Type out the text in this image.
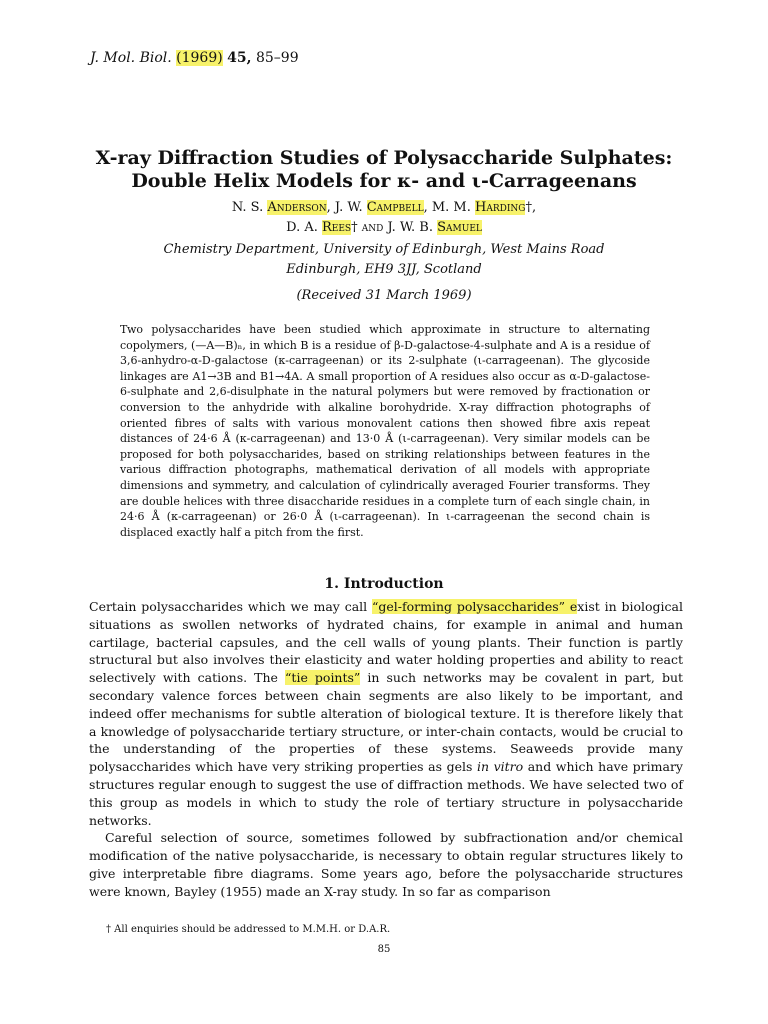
J. Mol. Biol. (1969) 45, 85–99
X-ray Diffraction Studies of Polysaccharide Sulphates:
Double Helix Models for κ- and ι-Carrageenans
N. S. Anderson, J. W. Campbell, M. M. Harding†,
D. A. Rees† and J. W. B. Samuel
Chemistry Department, University of Edinburgh, West Mains Road
Edinburgh, EH9 3JJ, Scotland
(Received 31 March 1969)
Two polysaccharides have been studied which approximate in structure to alternating copolymers, (—A—B)ₙ, in which B is a residue of β-D-galactose-4-sulphate and A is a residue of 3,6-anhydro-α-D-galactose (κ-carrageenan) or its 2-sulphate (ι-carrageenan). The glycoside linkages are A1→3B and B1→4A. A small proportion of A residues also occur as α-D-galactose-6-sulphate and 2,6-disulphate in the natural polymers but were removed by fractionation or conversion to the anhydride with alkaline borohydride. X-ray diffraction photographs of oriented fibres of salts with various monovalent cations then showed fibre axis repeat distances of 24·6 Å (κ-carrageenan) and 13·0 Å (ι-carrageenan). Very similar models can be proposed for both polysaccharides, based on striking relationships between features in the various diffraction photographs, mathematical derivation of all models with appropriate dimensions and symmetry, and calculation of cylindrically averaged Fourier transforms. They are double helices with three disaccharide residues in a complete turn of each single chain, in 24·6 Å (κ-carrageenan) or 26·0 Å (ι-carrageenan). In ι-carrageenan the second chain is displaced exactly half a pitch from the first.
1. Introduction

Certain polysaccharides which we may call “gel-forming polysaccharides” exist in biological situations as swollen networks of hydrated chains, for example in animal and human cartilage, bacterial capsules, and the cell walls of young plants. Their function is partly structural but also involves their elasticity and water holding properties and ability to react selectively with cations. The “tie points” in such networks may be covalent in part, but secondary valence forces between chain segments are also likely to be important, and indeed offer mechanisms for subtle alteration of biological texture. It is therefore likely that a knowledge of polysaccharide tertiary structure, or inter-chain contacts, would be crucial to the understanding of the properties of these systems. Seaweeds provide many polysaccharides which have very striking properties as gels in vitro and which have primary structures regular enough to suggest the use of diffraction methods. We have selected two of this group as models in which to study the role of tertiary structure in polysaccharide networks.

Careful selection of source, sometimes followed by subfractionation and/or chemical modification of the native polysaccharide, is necessary to obtain regular structures likely to give interpretable fibre diagrams. Some years ago, before the polysaccharide structures were known, Bayley (1955) made an X-ray study. In so far as comparison

† All enquiries should be addressed to M.M.H. or D.A.R.
85
